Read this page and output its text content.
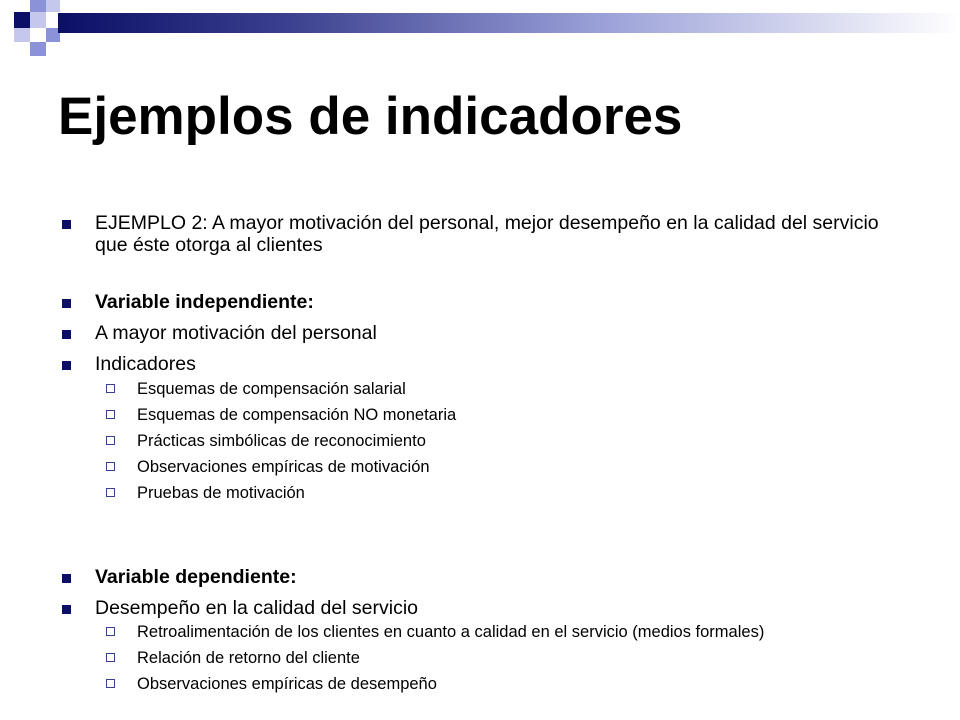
Ejemplos de indicadores
EJEMPLO 2: A mayor motivación del personal, mejor desempeño en la calidad del servicio que éste otorga al clientes
Variable independiente:
A mayor motivación del personal
Indicadores
Esquemas de compensación salarial
Esquemas de compensación NO monetaria
Prácticas simbólicas de reconocimiento
Observaciones empíricas de motivación
Pruebas de motivación
Variable dependiente:
Desempeño en la calidad del servicio
Retroalimentación de los clientes en cuanto a calidad en el servicio (medios formales)
Relación de retorno del cliente
Observaciones empíricas de desempeño
